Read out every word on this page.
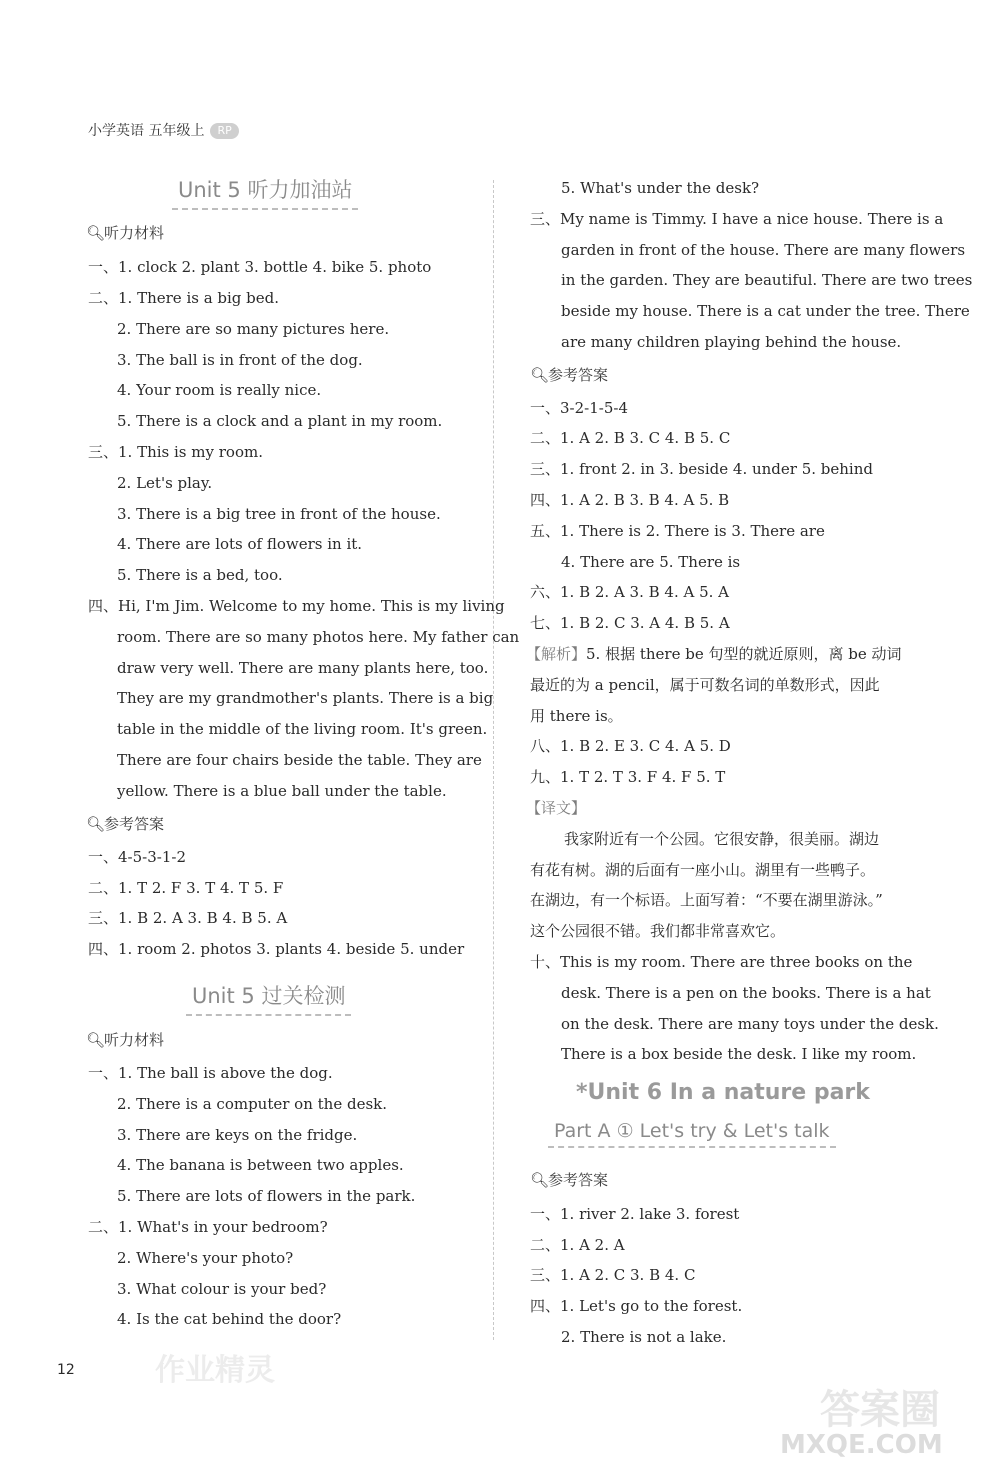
小学英语 五年级上 RP
Unit 5 听力加油站
🔍︎听力材料
一、1. clock 2. plant 3. bottle 4. bike 5. photo
二、1. There is a big bed.
2. There are so many pictures here.
3. The ball is in front of the dog.
4. Your room is really nice.
5. There is a clock and a plant in my room.
三、1. This is my room.
2. Let's play.
3. There is a big tree in front of the house.
4. There are lots of flowers in it.
5. There is a bed, too.
四、Hi, I'm Jim. Welcome to my home. This is my living
room. There are so many photos here. My father can
draw very well. There are many plants here, too.
They are my grandmother's plants. There is a big
table in the middle of the living room. It's green.
There are four chairs beside the table. They are
yellow. There is a blue ball under the table.
🔍︎参考答案
一、4-5-3-1-2
二、1. T 2. F 3. T 4. T 5. F
三、1. B 2. A 3. B 4. B 5. A
四、1. room 2. photos 3. plants 4. beside 5. under
Unit 5 过关检测
🔍︎听力材料
一、1. The ball is above the dog.
2. There is a computer on the desk.
3. There are keys on the fridge.
4. The banana is between two apples.
5. There are lots of flowers in the park.
二、1. What's in your bedroom?
2. Where's your photo?
3. What colour is your bed?
4. Is the cat behind the door?
12	作业精灵
5. What's under the desk?
三、My name is Timmy. I have a nice house. There is a
garden in front of the house. There are many flowers
in the garden. They are beautiful. There are two trees
beside my house. There is a cat under the tree. There
are many children playing behind the house.
🔍︎参考答案
一、3-2-1-5-4
二、1. A 2. B 3. C 4. B 5. C
三、1. front 2. in 3. beside 4. under 5. behind
四、1. A 2. B 3. B 4. A 5. B
五、1. There is 2. There is 3. There are
4. There are 5. There is
六、1. B 2. A 3. B 4. A 5. A
七、1. B 2. C 3. A 4. B 5. A
【解析】5. 根据 there be 句型的就近原则，离 be 动词
最近的为 a pencil，属于可数名词的单数形式，因此
用 there is。
八、1. B 2. E 3. C 4. A 5. D
九、1. T 2. T 3. F 4. F 5. T
【译文】
我家附近有一个公园。它很安静，很美丽。湖边
有花有树。湖的后面有一座小山。湖里有一些鸭子。
在湖边，有一个标语。上面写着：“不要在湖里游泳。”
这个公园很不错。我们都非常喜欢它。
十、This is my room. There are three books on the
desk. There is a pen on the books. There is a hat
on the desk. There are many toys under the desk.
There is a box beside the desk. I like my room.
*Unit 6 In a nature park
Part A ① Let's try & Let's talk
🔍︎参考答案
一、1. river 2. lake 3. forest
二、1. A 2. A
三、1. A 2. C 3. B 4. C
四、1. Let's go to the forest.
2. There is not a lake.
答案圈
MXQE.COM
